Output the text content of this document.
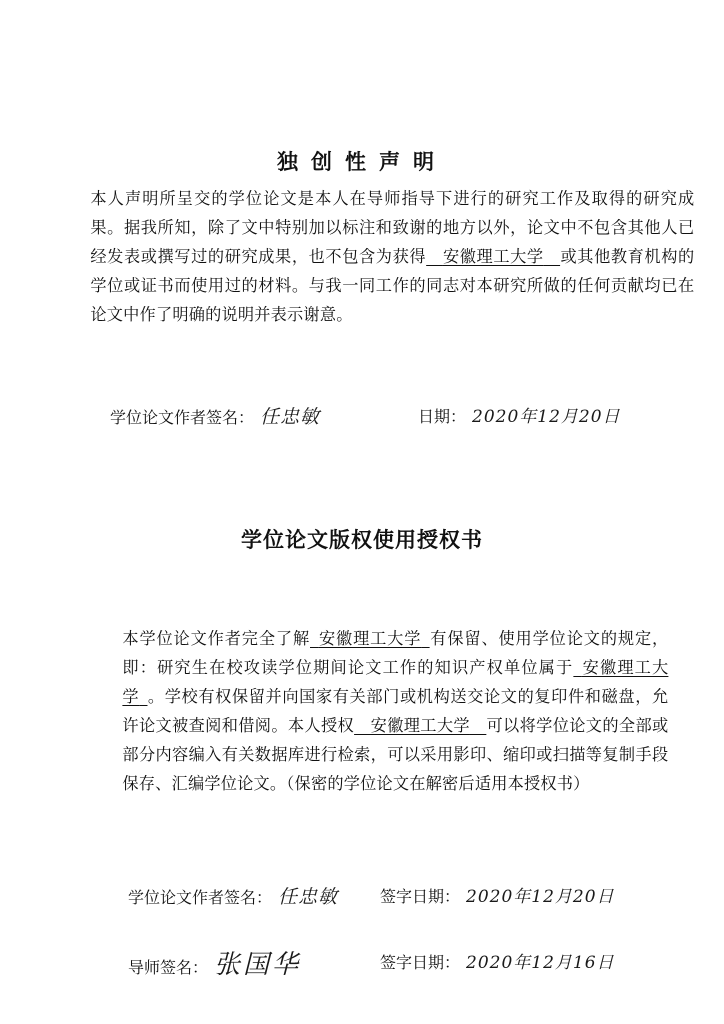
独创性声明
本人声明所呈交的学位论文是本人在导师指导下进行的研究工作及取得的研究成果。据我所知，除了文中特别加以标注和致谢的地方以外，论文中不包含其他人已经发表或撰写过的研究成果，也不包含为获得  安徽理工大学  或其他教育机构的学位或证书而使用过的材料。与我一同工作的同志对本研究所做的任何贡献均已在论文中作了明确的说明并表示谢意。
学位论文作者签名： 任忠敏	日期： 2020年12月20日
学位论文版权使用授权书
本学位论文作者完全了解  安徽理工大学  有保留、使用学位论文的规定，即：研究生在校攻读学位期间论文工作的知识产权单位属于  安徽理工大学  。学校有权保留并向国家有关部门或机构送交论文的复印件和磁盘，允许论文被查阅和借阅。本人授权  安徽理工大学  可以将学位论文的全部或部分内容编入有关数据库进行检索，可以采用影印、缩印或扫描等复制手段保存、汇编学位论文。（保密的学位论文在解密后适用本授权书）
学位论文作者签名： 任忠敏	签字日期： 2020年12月20日
导师签名： 张国华	签字日期： 2020年12月16日
